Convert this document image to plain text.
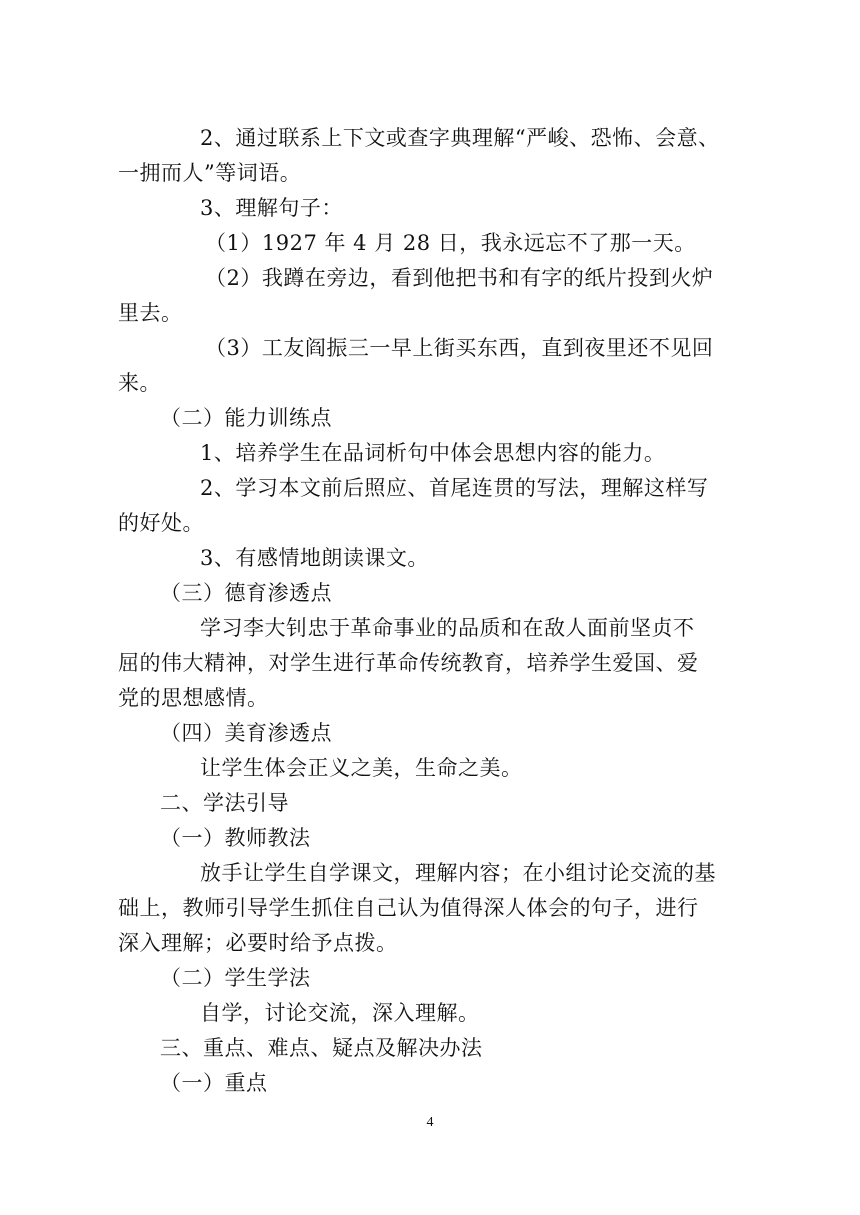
2、通过联系上下文或查字典理解“严峻、恐怖、会意、
一拥而人”等词语。
3、理解句子：
（1）1927 年 4 月 28 日，我永远忘不了那一天。
（2）我蹲在旁边，看到他把书和有字的纸片投到火炉
里去。
（3）工友阎振三一早上街买东西，直到夜里还不见回
来。
（二）能力训练点
1、培养学生在品词析句中体会思想内容的能力。
2、学习本文前后照应、首尾连贯的写法，理解这样写
的好处。
3、有感情地朗读课文。
（三）德育渗透点
学习李大钊忠于革命事业的品质和在敌人面前坚贞不
屈的伟大精神，对学生进行革命传统教育，培养学生爱国、爱
党的思想感情。
（四）美育渗透点
让学生体会正义之美，生命之美。
二、学法引导
（一）教师教法
放手让学生自学课文，理解内容；在小组讨论交流的基
础上，教师引导学生抓住自己认为值得深人体会的句子，进行
深入理解；必要时给予点拨。
（二）学生学法
自学，讨论交流，深入理解。
三、重点、难点、疑点及解决办法
（一）重点
4
